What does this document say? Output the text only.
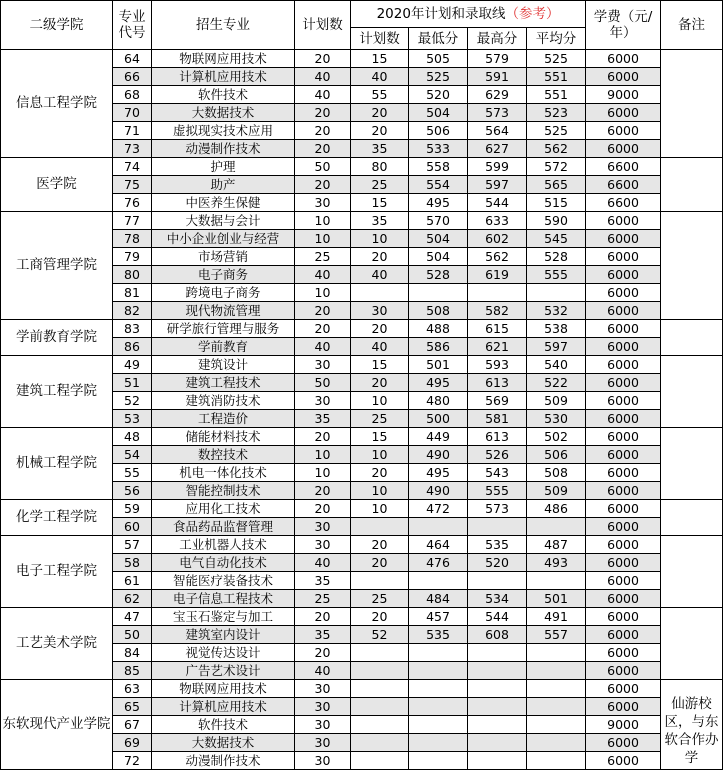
二级学院	专业代号	招生专业	计划数	2020年计划和录取线（参考）				学费（元/年）	备注
				计划数	最低分	最高分	平均分		
信息工程学院	64	物联网应用技术	20	15	505	579	525	6000	
	66	计算机应用技术	40	40	525	591	551	6000	
	68	软件技术	40	55	520	629	551	9000	
	70	大数据技术	20	20	504	573	523	6000	
	71	虚拟现实技术应用	20	20	506	564	525	6000	
	73	动漫制作技术	20	35	533	627	562	6000	
医学院	74	护理	50	80	558	599	572	6600	
	75	助产	20	25	554	597	565	6600	
	76	中医养生保健	30	15	495	544	515	6600	
工商管理学院	77	大数据与会计	10	35	570	633	590	6000	
	78	中小企业创业与经营	10	10	504	602	545	6000	
	79	市场营销	25	20	504	562	528	6000	
	80	电子商务	40	40	528	619	555	6000	
	81	跨境电子商务	10					6000	
	82	现代物流管理	20	30	508	582	532	6000	
学前教育学院	83	研学旅行管理与服务	20	20	488	615	538	6000	
	86	学前教育	40	40	586	621	597	6000	
建筑工程学院	49	建筑设计	30	15	501	593	540	6000	
	51	建筑工程技术	50	20	495	613	522	6000	
	52	建筑消防技术	30	10	480	569	509	6000	
	53	工程造价	35	25	500	581	530	6000	
机械工程学院	48	储能材料技术	20	15	449	613	502	6000	
	54	数控技术	10	10	490	526	506	6000	
	55	机电一体化技术	10	20	495	543	508	6000	
	56	智能控制技术	20	10	490	555	509	6000	
化学工程学院	59	应用化工技术	20	10	472	573	486	6000	
	60	食品药品监督管理	30					6000	
电子工程学院	57	工业机器人技术	30	20	464	535	487	6000	
	58	电气自动化技术	40	20	476	520	493	6000	
	61	智能医疗装备技术	35					6000	
	62	电子信息工程技术	25	25	484	534	501	6000	
工艺美术学院	47	宝玉石鉴定与加工	20	20	457	544	491	6000	
	50	建筑室内设计	35	52	535	608	557	6000	
	84	视觉传达设计	20					6000	
	85	广告艺术设计	40					6000	
东软现代产业学院	63	物联网应用技术	30					6000	仙游校区，与东软合作办学
	65	计算机应用技术	30					6000	
	67	软件技术	30					9000	
	69	大数据技术	30					6000	
	72	动漫制作技术	30					6000	
